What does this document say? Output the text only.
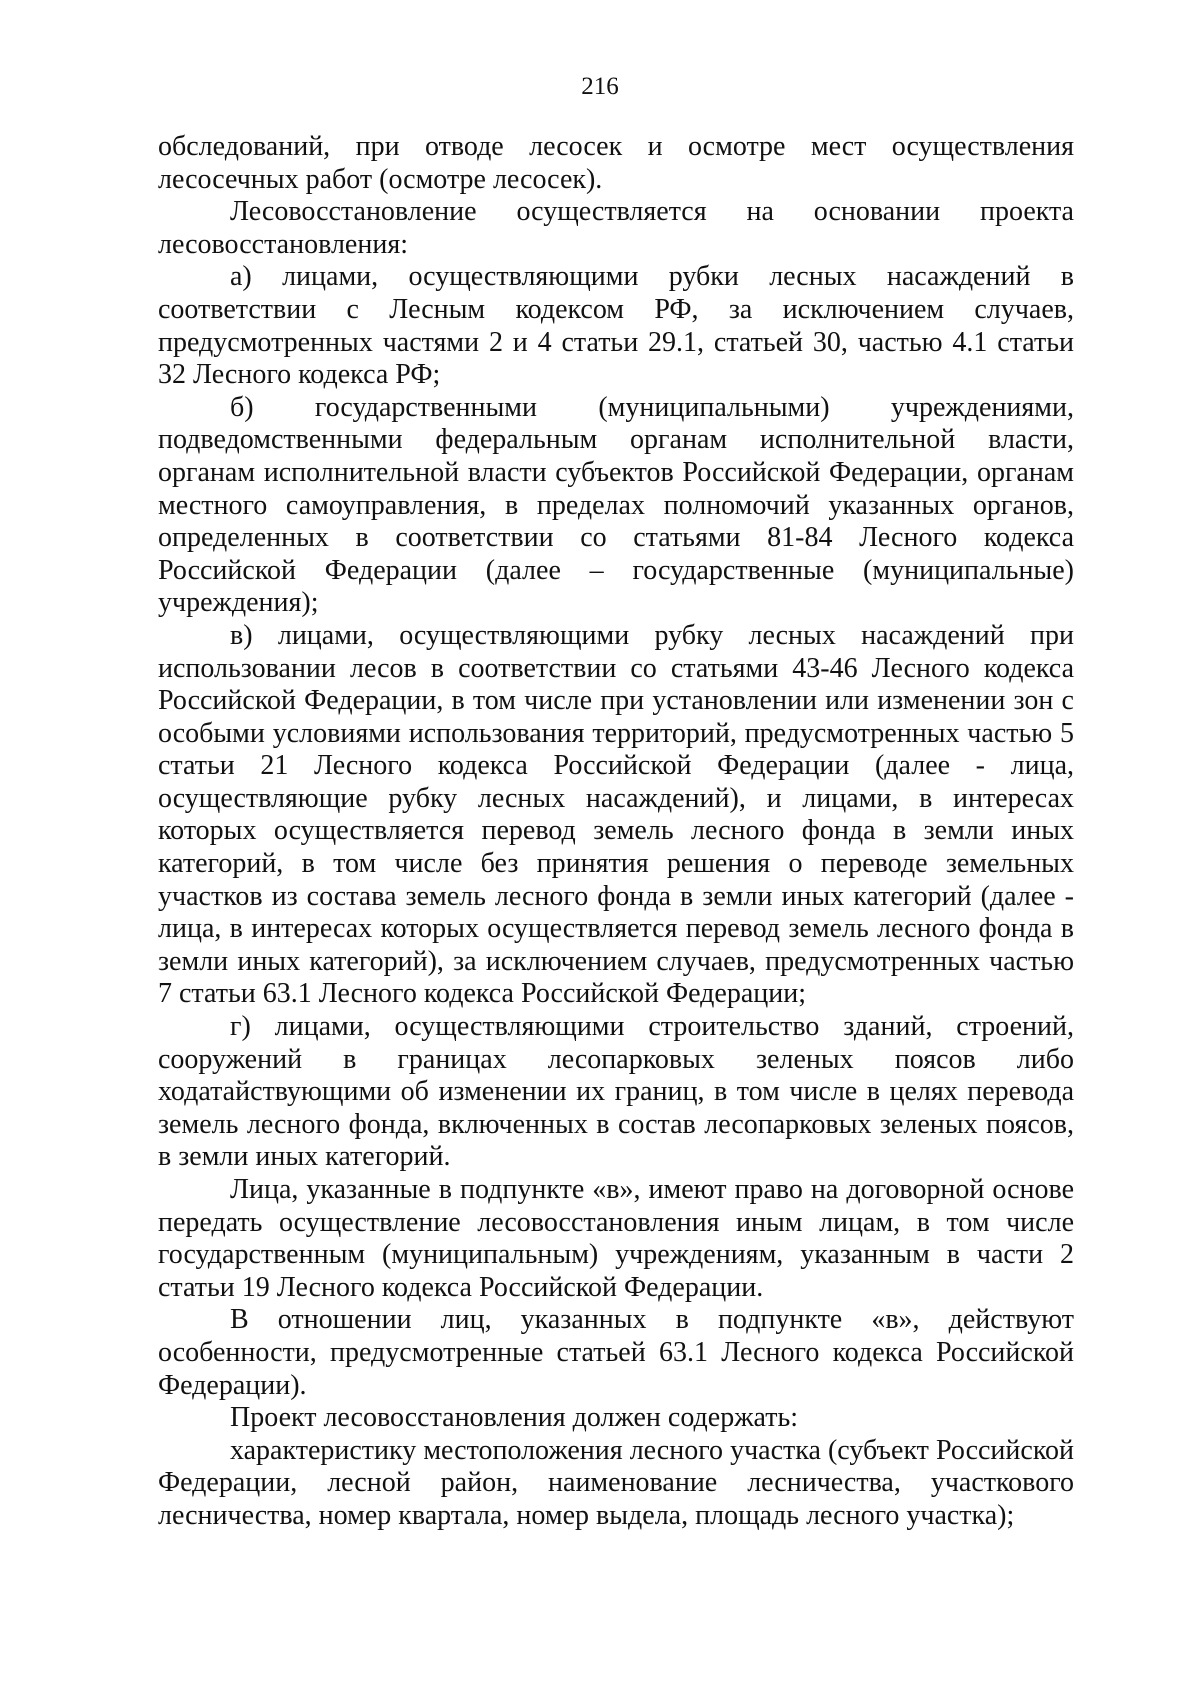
216

обследований, при отводе лесосек и осмотре мест осуществления лесосечных работ (осмотре лесосек).

Лесовосстановление осуществляется на основании проекта лесовосстановления:

а) лицами, осуществляющими рубки лесных насаждений в соответствии с Лесным кодексом РФ, за исключением случаев, предусмотренных частями 2 и 4 статьи 29.1, статьей 30, частью 4.1 статьи 32 Лесного кодекса РФ;

б) государственными (муниципальными) учреждениями, подведомственными федеральным органам исполнительной власти, органам исполнительной власти субъектов Российской Федерации, органам местного самоуправления, в пределах полномочий указанных органов, определенных в соответствии со статьями 81-84 Лесного кодекса Российской Федерации (далее – государственные (муниципальные) учреждения);

в) лицами, осуществляющими рубку лесных насаждений при использовании лесов в соответствии со статьями 43-46 Лесного кодекса Российской Федерации, в том числе при установлении или изменении зон с особыми условиями использования территорий, предусмотренных частью 5 статьи 21 Лесного кодекса Российской Федерации (далее - лица, осуществляющие рубку лесных насаждений), и лицами, в интересах которых осуществляется перевод земель лесного фонда в земли иных категорий, в том числе без принятия решения о переводе земельных участков из состава земель лесного фонда в земли иных категорий (далее - лица, в интересах которых осуществляется перевод земель лесного фонда в земли иных категорий), за исключением случаев, предусмотренных частью 7 статьи 63.1 Лесного кодекса Российской Федерации;

г) лицами, осуществляющими строительство зданий, строений, сооружений в границах лесопарковых зеленых поясов либо ходатайствующими об изменении их границ, в том числе в целях перевода земель лесного фонда, включенных в состав лесопарковых зеленых поясов, в земли иных категорий.

Лица, указанные в подпункте «в», имеют право на договорной основе передать осуществление лесовосстановления иным лицам, в том числе государственным (муниципальным) учреждениям, указанным в части 2 статьи 19 Лесного кодекса Российской Федерации.

В отношении лиц, указанных в подпункте «в», действуют особенности, предусмотренные статьей 63.1 Лесного кодекса Российской Федерации).

Проект лесовосстановления должен содержать:

характеристику местоположения лесного участка (субъект Российской Федерации, лесной район, наименование лесничества, участкового лесничества, номер квартала, номер выдела, площадь лесного участка);
